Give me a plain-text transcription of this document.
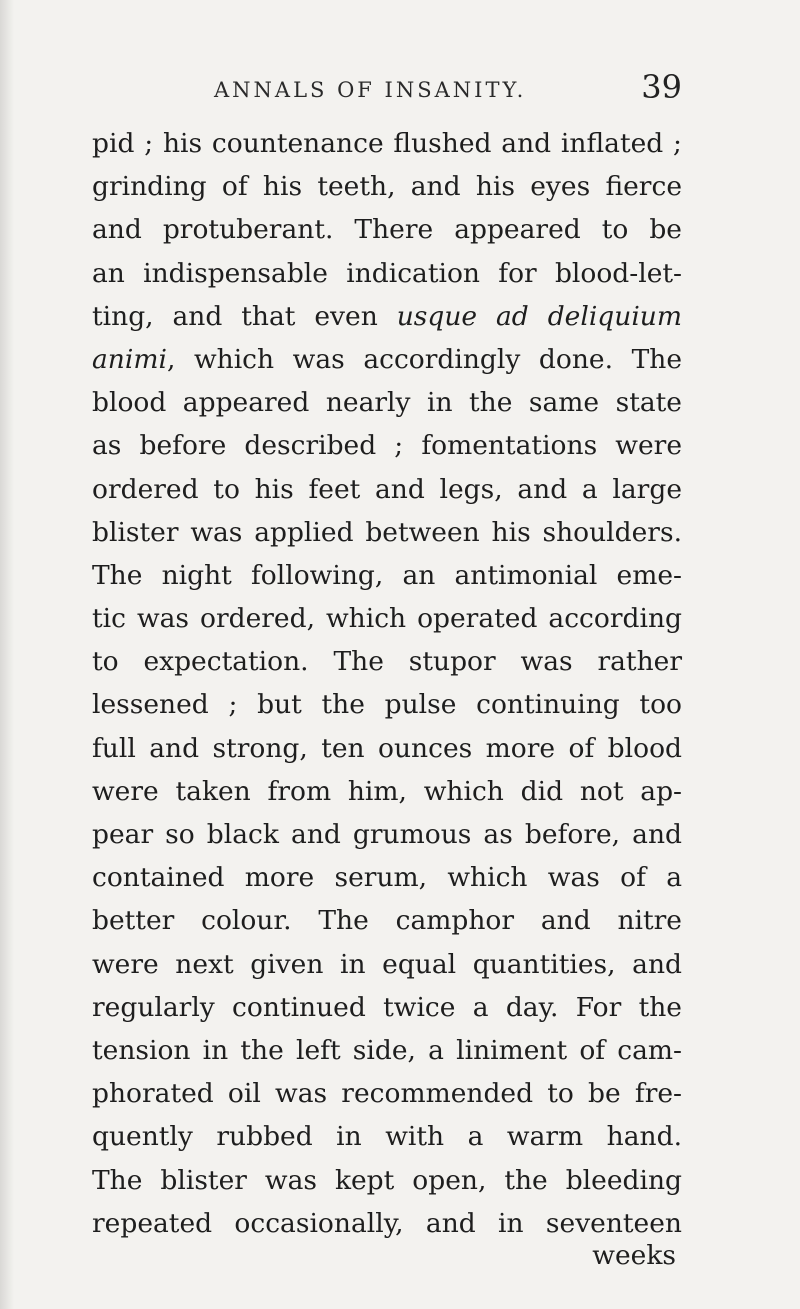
ANNALS OF INSANITY.	39
pid ; his countenance flushed and inflated ;
grinding of his teeth, and his eyes fierce
and protuberant. There appeared to be
an indispensable indication for blood-let-
ting, and that even usque ad deliquium
animi, which was accordingly done. The
blood appeared nearly in the same state
as before described ; fomentations were
ordered to his feet and legs, and a large
blister was applied between his shoulders.
The night following, an antimonial eme-
tic was ordered, which operated according
to expectation. The stupor was rather
lessened ; but the pulse continuing too
full and strong, ten ounces more of blood
were taken from him, which did not ap-
pear so black and grumous as before, and
contained more serum, which was of a
better colour. The camphor and nitre
were next given in equal quantities, and
regularly continued twice a day. For the
tension in the left side, a liniment of cam-
phorated oil was recommended to be fre-
quently rubbed in with a warm hand.
The blister was kept open, the bleeding
repeated occasionally, and in seventeen
weeks
